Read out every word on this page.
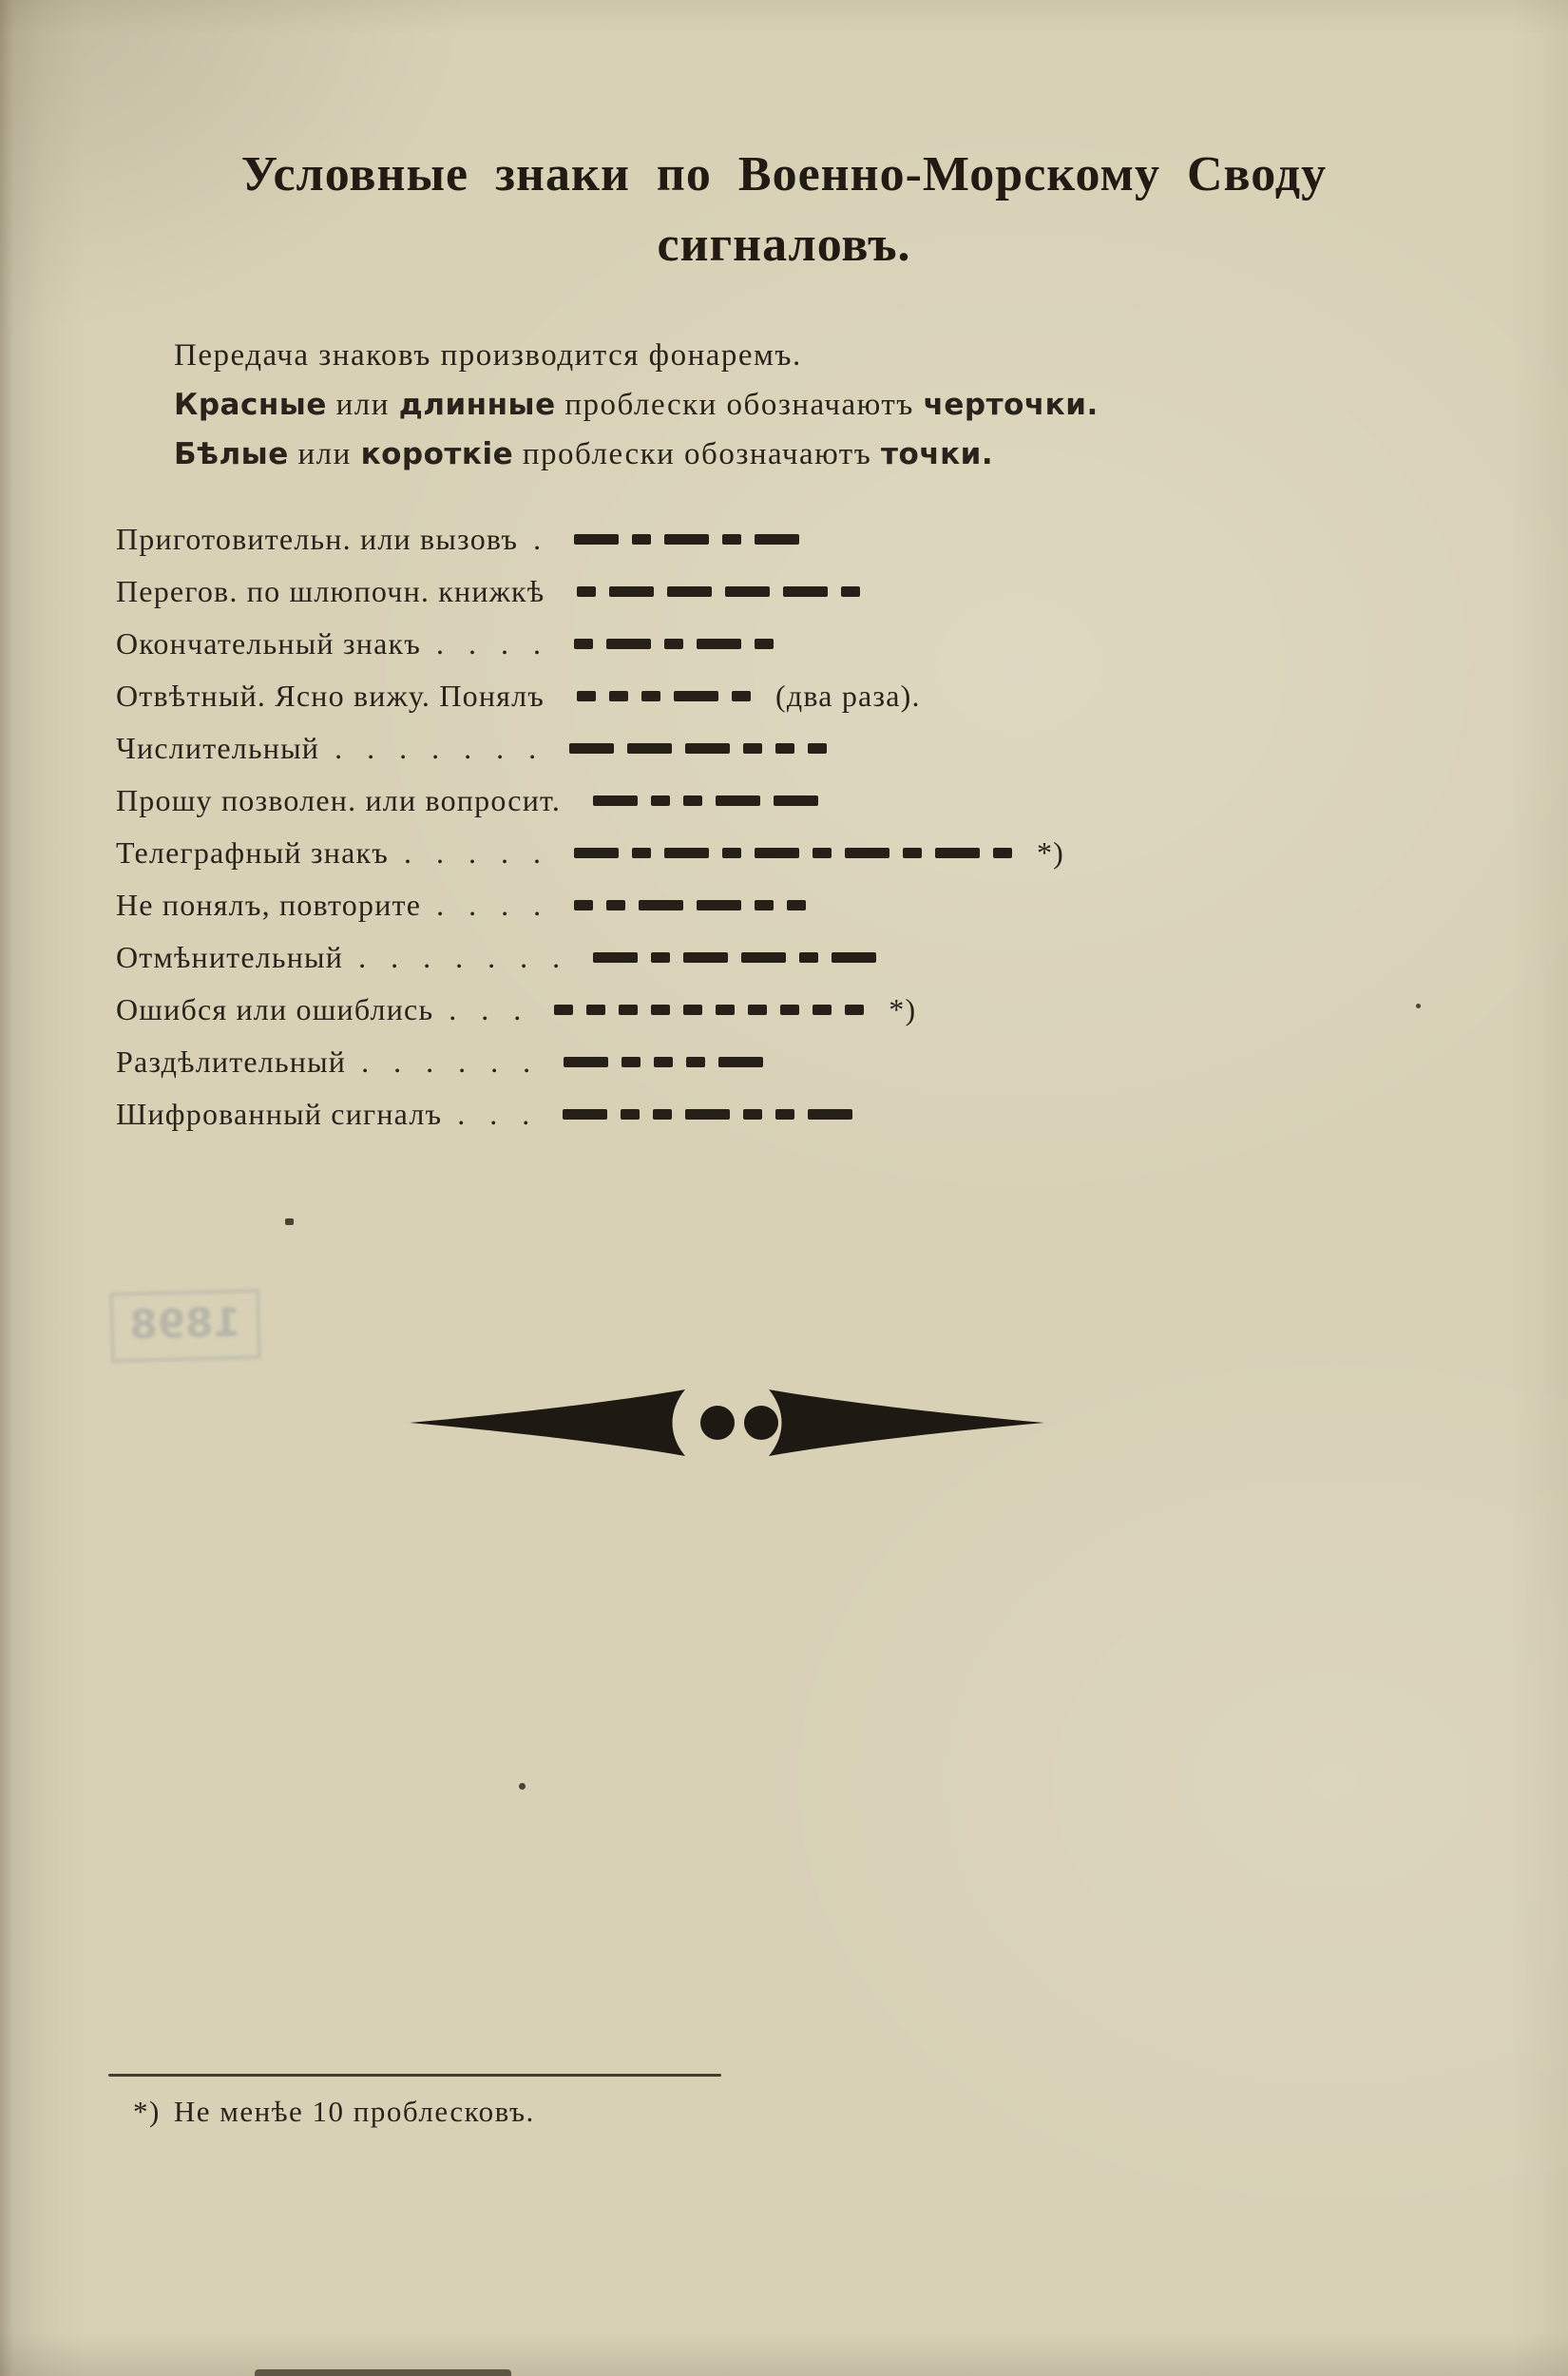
Условные знаки по Военно-Морскому Своду
сигналовъ.
Передача знаковъ производится фонаремъ.
Красные или длинные проблески обозначаютъ черточки.
Бѣлые или короткіе проблески обозначаютъ точки.
Приготовительн. или вызовъ .
Перегов. по шлюпочн. книжкѣ
Окончательный знакъ . . . .
Отвѣтный. Ясно вижу. Понялъ	(два раза).
Числительный . . . . . . .
Прошу позволен. или вопросит.
Телеграфный знакъ . . . . .	*)
Не понялъ, повторите . . . .
Отмѣнительный . . . . . . .
Ошибся или ошиблись . . .	*)
Раздѣлительный . . . . . .
Шифрованный сигналъ . . .
1898
*) Не менѣе 10 проблесковъ.
